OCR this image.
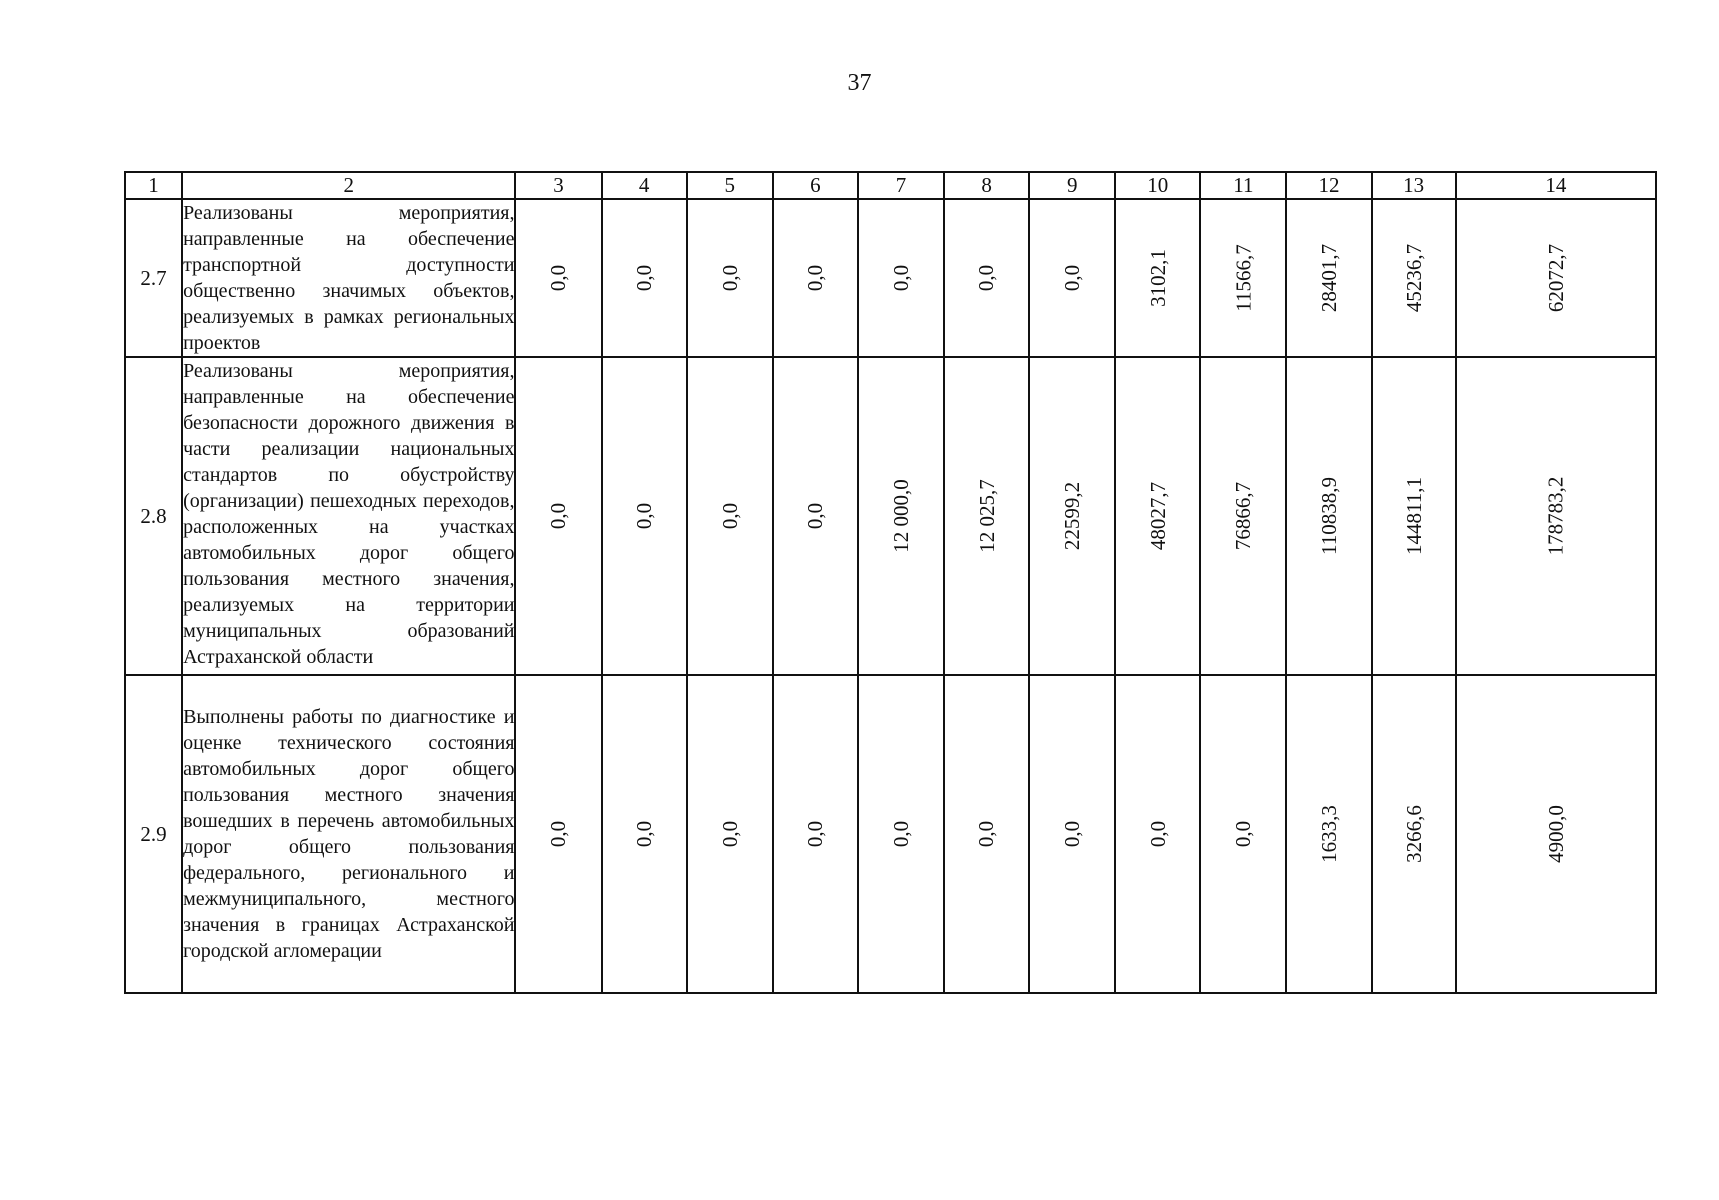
37
1	2	3	4	5	6	7	8	9	10	11	12	13	14
2.7	Реализованы мероприятия, направленные на обеспечение транспортной доступности общественно значимых объектов, реализуемых в рамках региональных проектов	0,0	0,0	0,0	0,0	0,0	0,0	0,0	3102,1	11566,7	28401,7	45236,7	62072,7
2.8	Реализованы мероприятия, направленные на обеспечение безопасности дорожного движения в части реализации национальных стандартов по обустройству (организации) пешеходных переходов, расположенных на участках автомобильных дорог общего пользования местного значения, реализуемых на территории муниципальных образований Астраханской области	0,0	0,0	0,0	0,0	12 000,0	12 025,7	22599,2	48027,7	76866,7	110838,9	144811,1	178783,2
2.9	Выполнены работы по диагностике и оценке технического состояния автомобильных дорог общего пользования местного значения вошедших в перечень автомобильных дорог общего пользования федерального, регионального и межмуниципального, местного значения в границах Астраханской городской агломерации	0,0	0,0	0,0	0,0	0,0	0,0	0,0	0,0	0,0	1633,3	3266,6	4900,0
